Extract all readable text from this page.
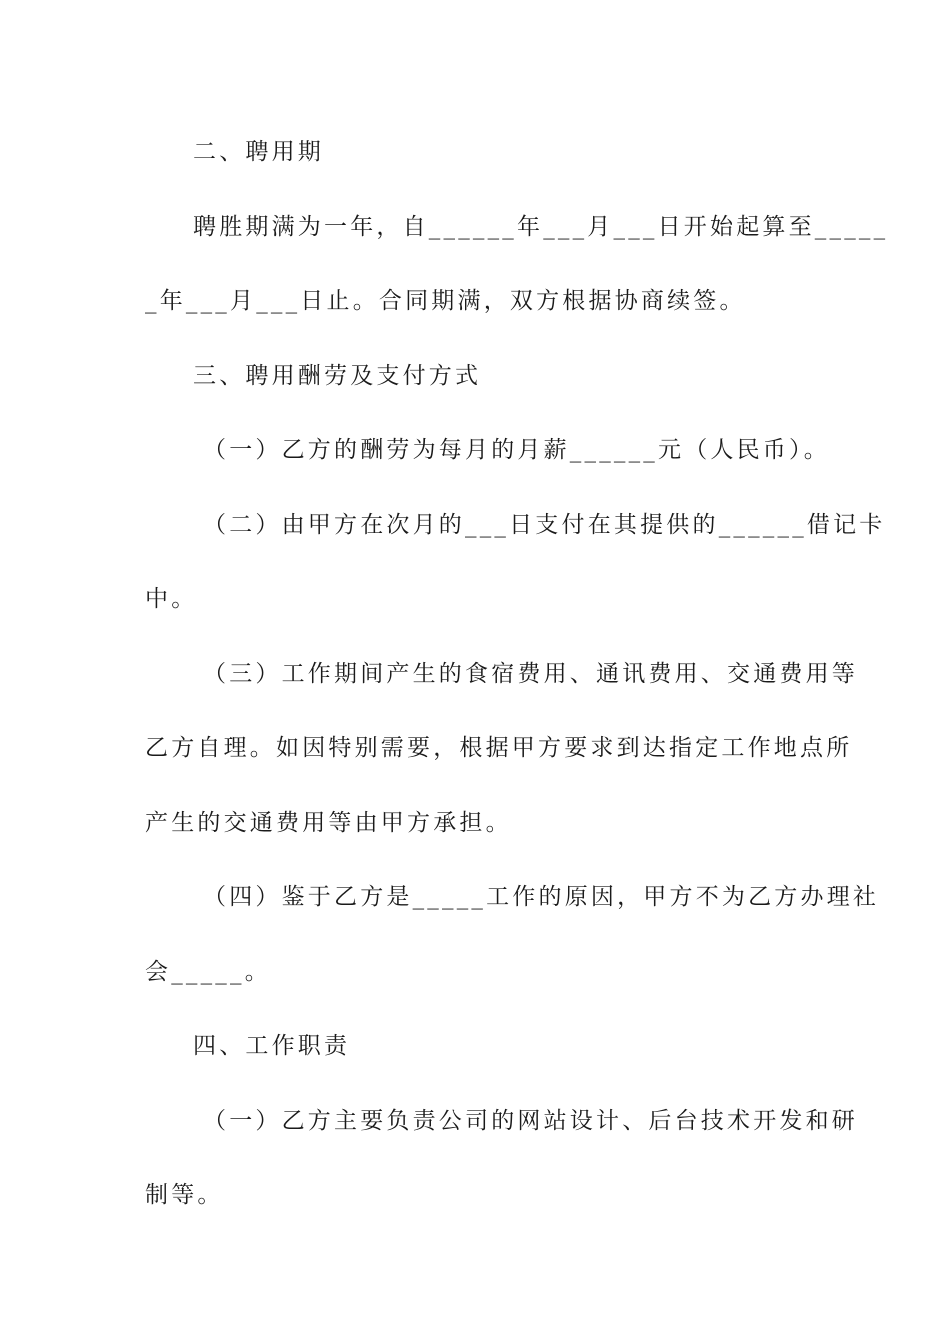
二、聘用期
聘胜期满为一年，自______年___月___日开始起算至_____
_年___月___日止。合同期满，双方根据协商续签。
三、聘用酬劳及支付方式
（一）乙方的酬劳为每月的月薪______元（人民币）。
（二）由甲方在次月的___日支付在其提供的______借记卡
中。
（三）工作期间产生的食宿费用、通讯费用、交通费用等
乙方自理。如因特别需要，根据甲方要求到达指定工作地点所
产生的交通费用等由甲方承担。
（四）鉴于乙方是_____工作的原因，甲方不为乙方办理社
会_____。
四、工作职责
（一）乙方主要负责公司的网站设计、后台技术开发和研
制等。
